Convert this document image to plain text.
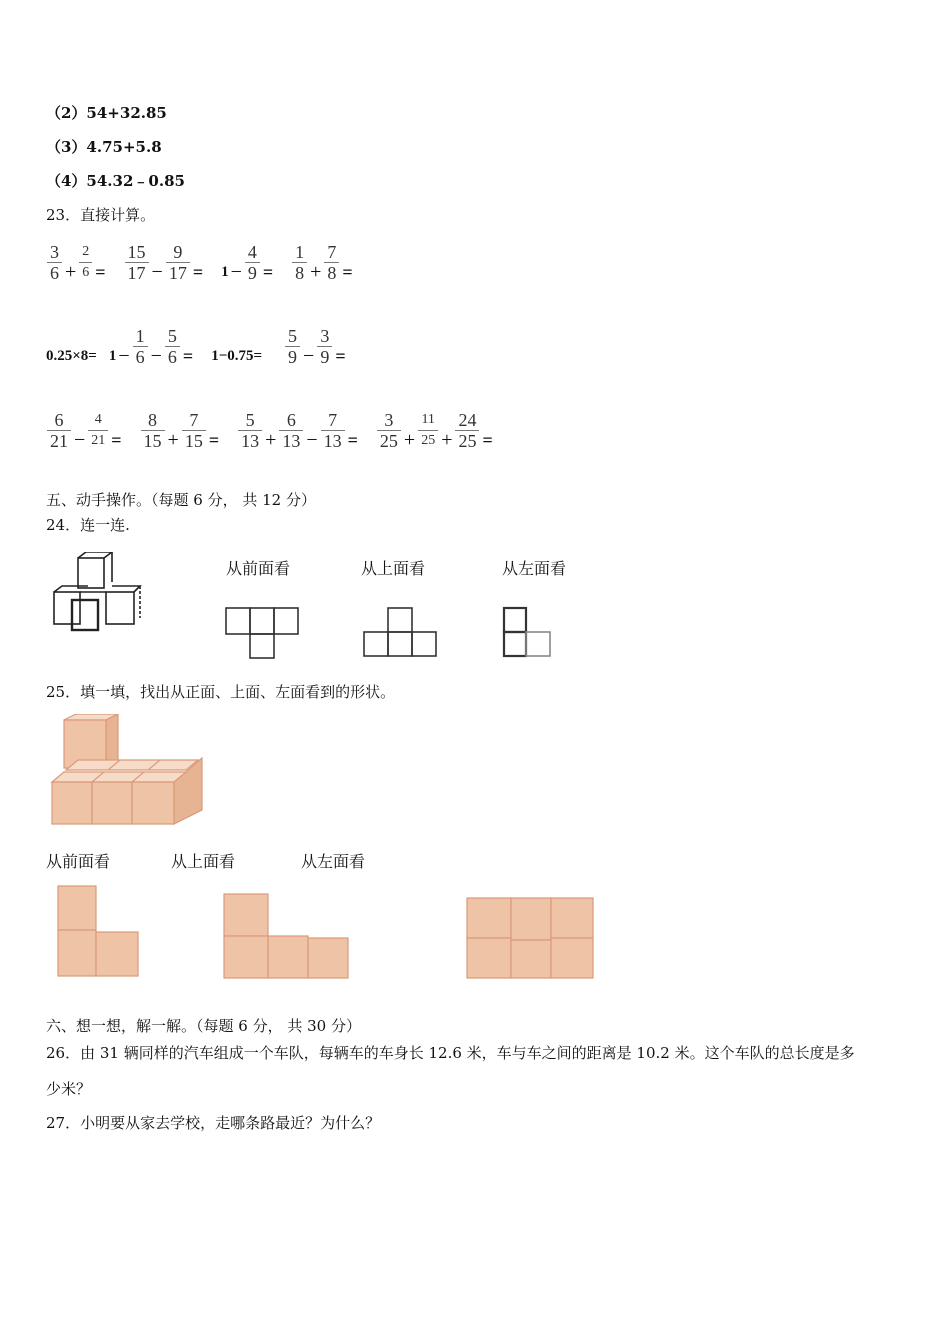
（2）54+32.85
（3）4.75+5.8
（4）54.32﹣0.85
23．直接计算。
$\frac{3}{6} + \frac{2}{6} = \frac{15}{17} - \frac{9}{17} = 1 - \frac{4}{9} = \frac{1}{8} + \frac{7}{8}$ =
$0.25\times 8= 1 - \frac{1}{6} - \frac{5}{6} = 1-0.75= \frac{5}{9} - \frac{3}{9}$ =
$\frac{6}{21} - \frac{4}{21} = \frac{8}{15} + \frac{7}{15} = \frac{5}{13} + \frac{6}{13} - \frac{7}{13} = \frac{3}{25} + \frac{11}{25} + \frac{24}{25}$ =
五、动手操作。（每题 6 分， 共 12 分）
24．连一连.
从前面看	从上面看	从左面看
25．填一填，找出从正面、上面、左面看到的形状。
从前面看	从上面看	从左面看
六、想一想，解一解。（每题 6 分， 共 30 分）
26．由 31 辆同样的汽车组成一个车队，每辆车的车身长 12.6 米，车与车之间的距离是 10.2 米。这个车队的总长度是多
少米？
27．小明要从家去学校，走哪条路最近？为什么？
